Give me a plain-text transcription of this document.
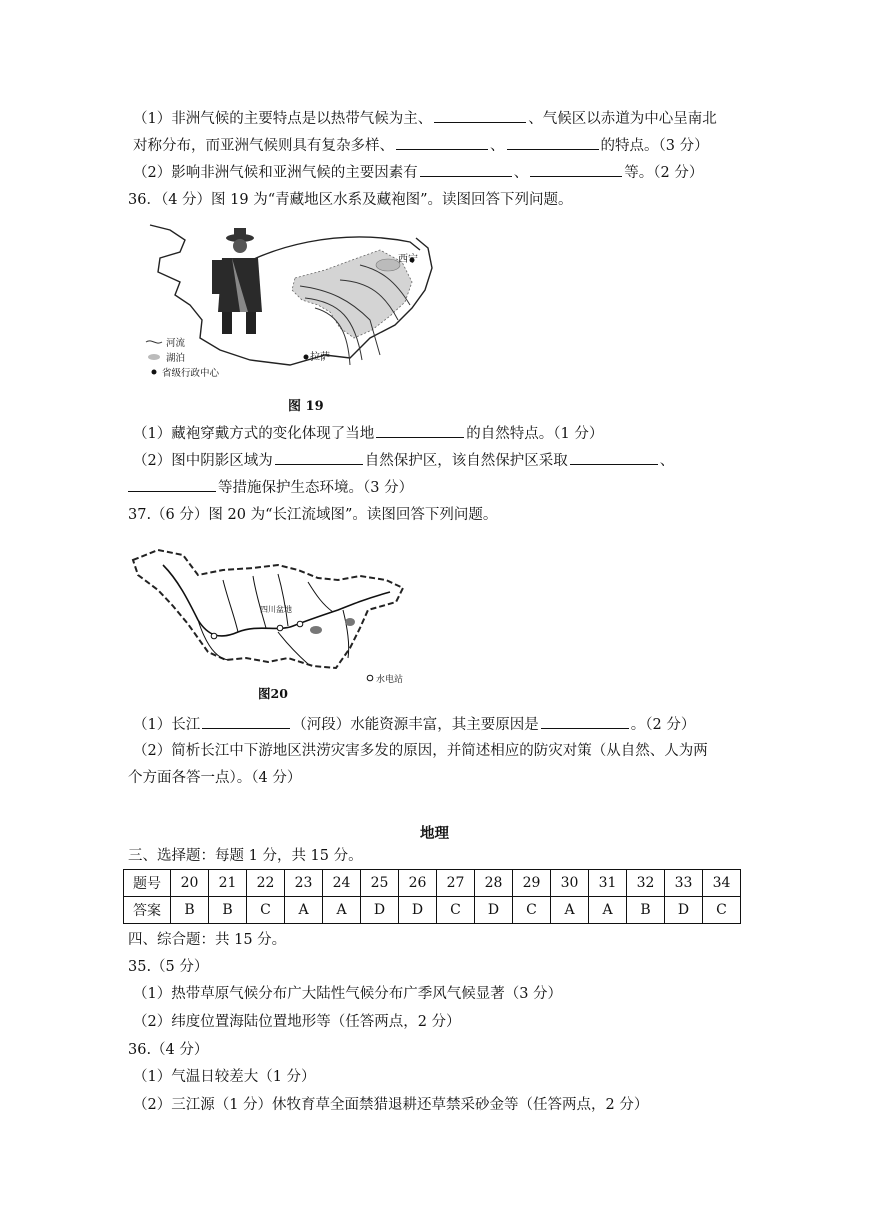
（1）非洲气候的主要特点是以热带气候为主、	、气候区以赤道为中心呈南北
对称分布，而亚洲气候则具有复杂多样、	、	的特点。（3 分）
（2）影响非洲气候和亚洲气候的主要因素有	、	等。（2 分）
36．（4 分）图 19 为“青藏地区水系及藏袍图”。读图回答下列问题。
西宁
拉萨
河流
湖泊
省级行政中心
图 19
（1）藏袍穿戴方式的变化体现了当地	的自然特点。（1 分）
（2）图中阴影区域为	自然保护区，该自然保护区采取	、
等措施保护生态环境。（3 分）
37.（6 分）图 20 为“长江流域图”。读图回答下列问题。
四川盆地
图20
水电站
（1）长江	（河段）水能资源丰富，其主要原因是	。（2 分）
（2）简析长江中下游地区洪涝灾害多发的原因，并简述相应的防灾对策（从自然、人为两
个方面各答一点）。（4 分）
地理
三、选择题：每题 1 分，共 15 分。
题号	20	21	22	23	24	25	26	27	28	29	30	31	32	33	34
答案	B	B	C	A	A	D	D	C	D	C	A	A	B	D	C
四、综合题：共 15 分。
35.（5 分）
（1）热带草原气候分布广大陆性气候分布广季风气候显著（3 分）
（2）纬度位置海陆位置地形等（任答两点，2 分）
36.（4 分）
（1）气温日较差大（1 分）
（2）三江源（1 分）休牧育草全面禁猎退耕还草禁采砂金等（任答两点，2 分）
